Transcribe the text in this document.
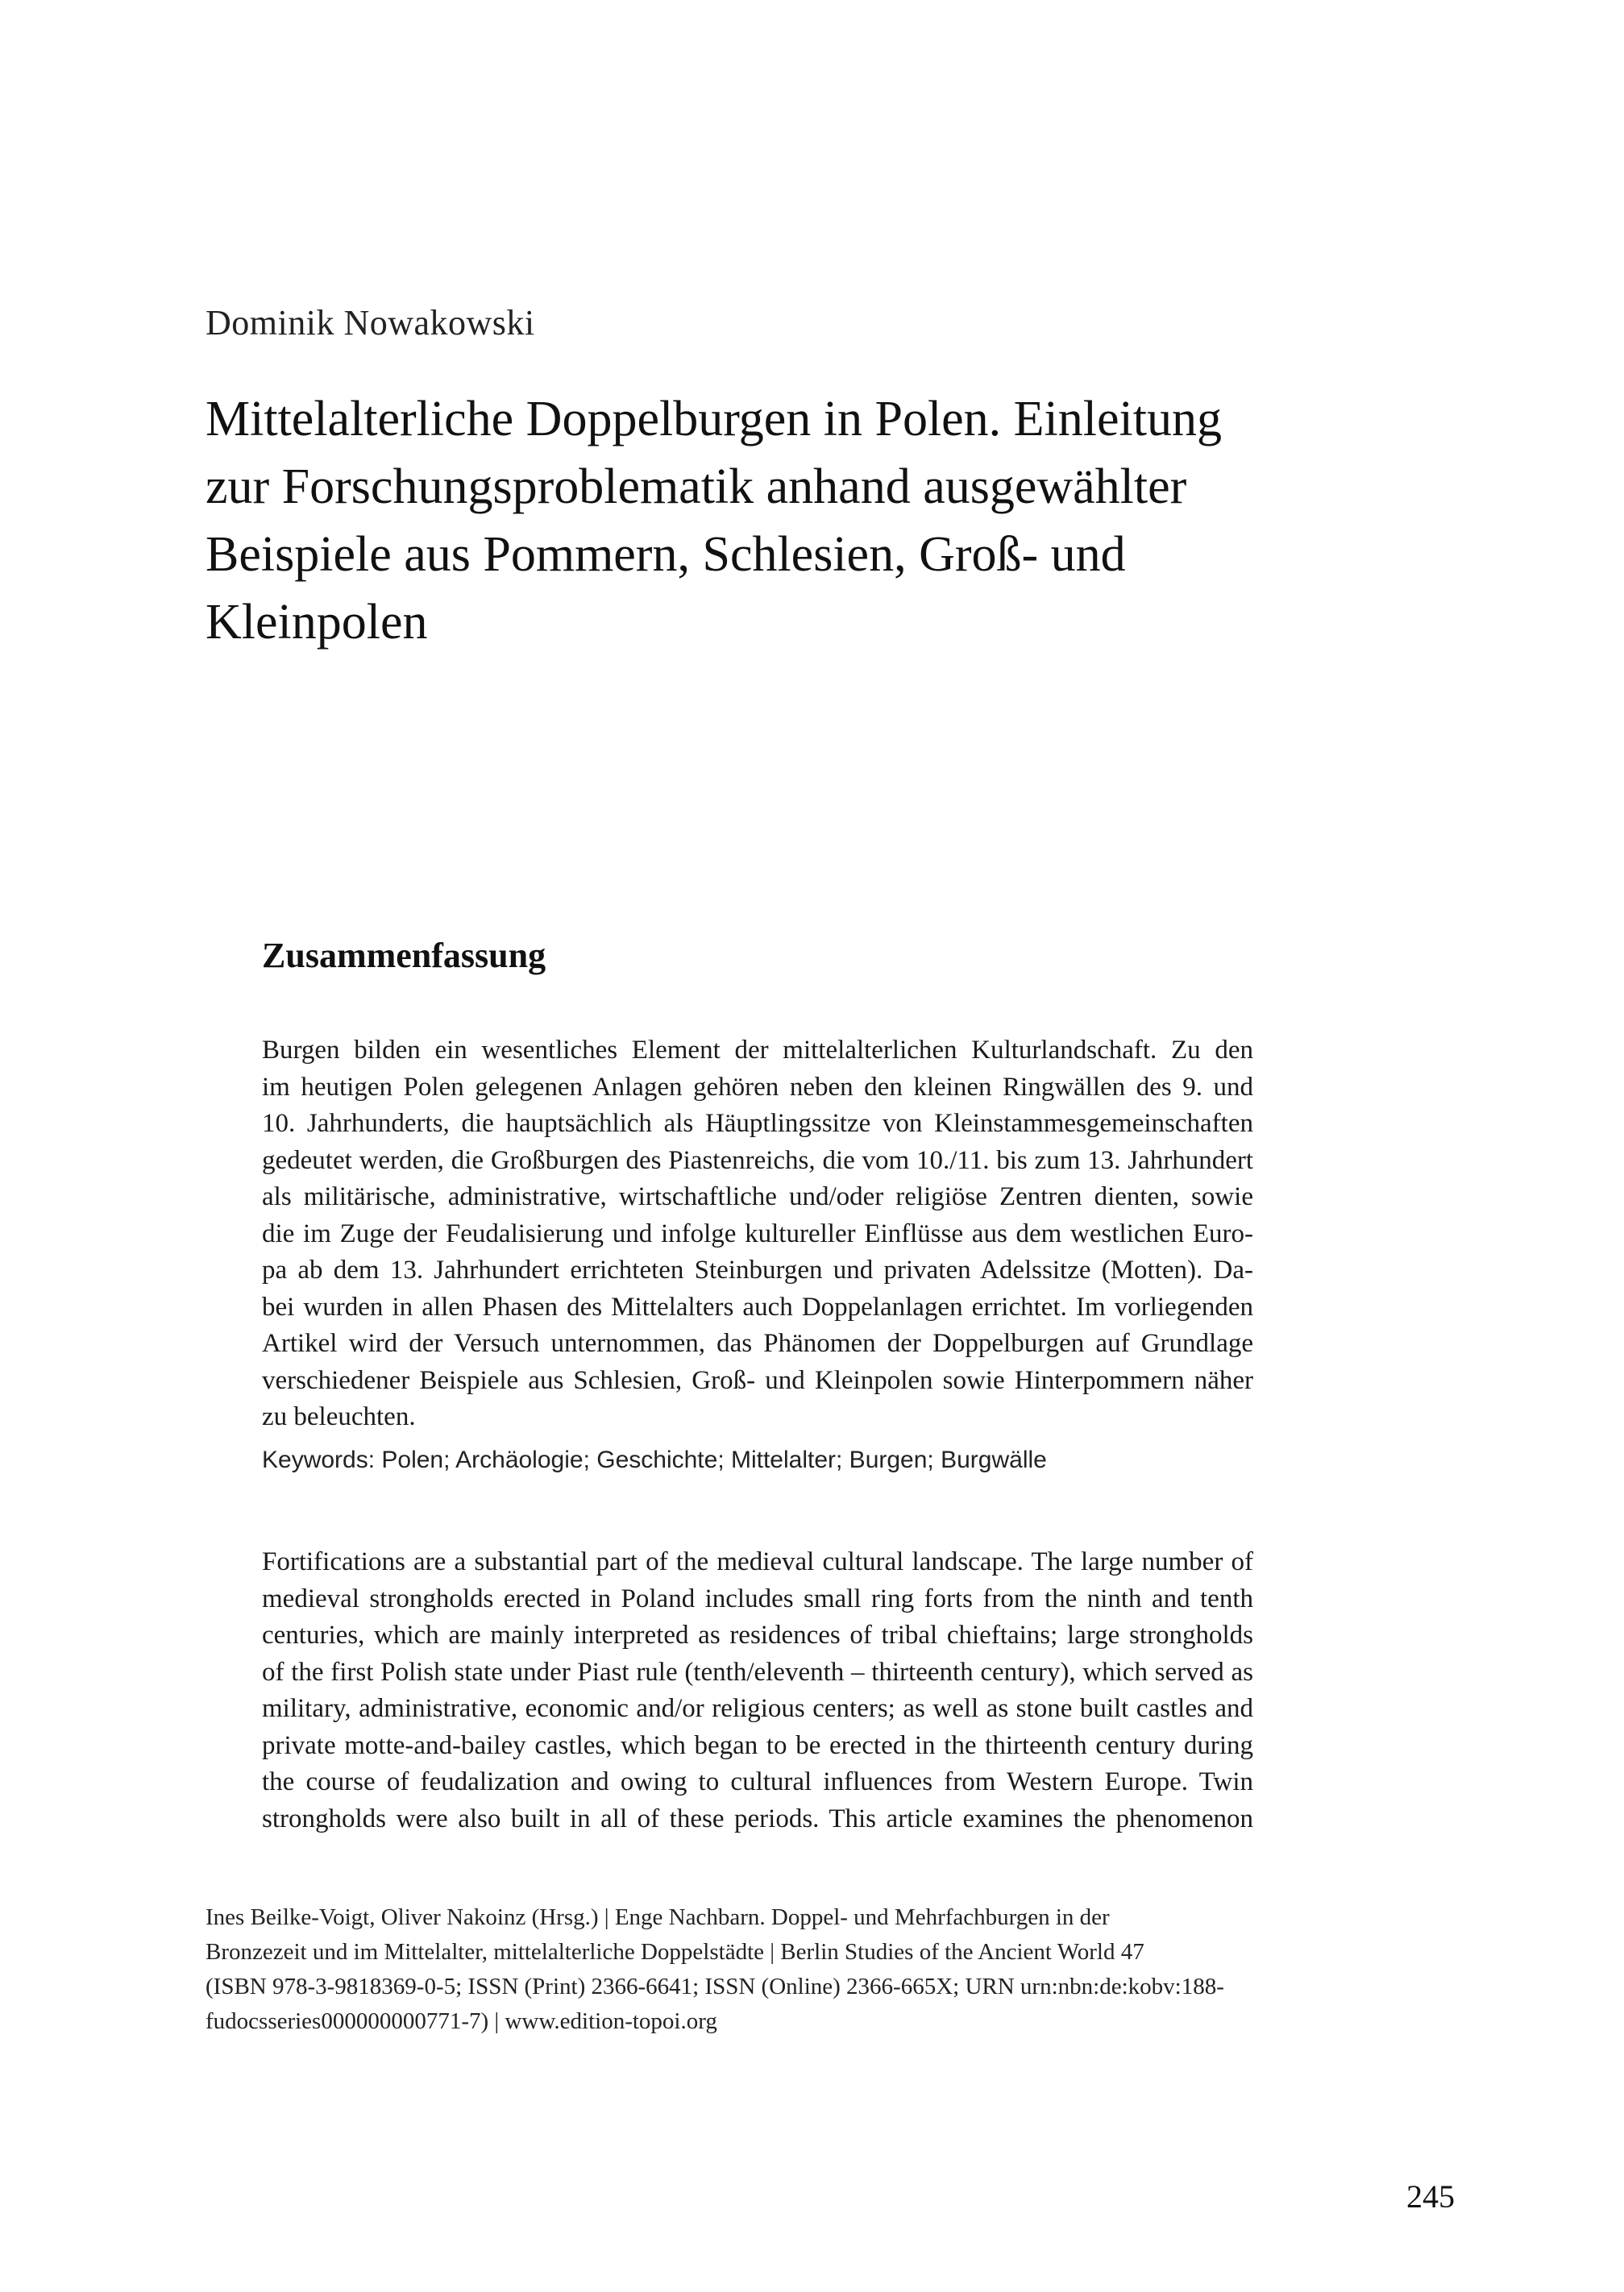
Dominik Nowakowski
Mittelalterliche Doppelburgen in Polen. Einleitung
zur Forschungsproblematik anhand ausgewählter
Beispiele aus Pommern, Schlesien, Groß- und
Kleinpolen
Zusammenfassung

Burgen bilden ein wesentliches Element der mittelalterlichen Kulturlandschaft. Zu den
im heutigen Polen gelegenen Anlagen gehören neben den kleinen Ringwällen des 9. und
10. Jahrhunderts, die hauptsächlich als Häuptlingssitze von Kleinstammesgemeinschaften
gedeutet werden, die Großburgen des Piastenreichs, die vom 10./11. bis zum 13. Jahrhundert
als militärische, administrative, wirtschaftliche und/oder religiöse Zentren dienten, sowie
die im Zuge der Feudalisierung und infolge kultureller Einflüsse aus dem westlichen Euro-
pa ab dem 13. Jahrhundert errichteten Steinburgen und privaten Adelssitze (Motten). Da-
bei wurden in allen Phasen des Mittelalters auch Doppelanlagen errichtet. Im vorliegenden
Artikel wird der Versuch unternommen, das Phänomen der Doppelburgen auf Grundlage
verschiedener Beispiele aus Schlesien, Groß- und Kleinpolen sowie Hinterpommern näher
zu beleuchten.

Keywords: Polen; Archäologie; Geschichte; Mittelalter; Burgen; Burgwälle

Fortifications are a substantial part of the medieval cultural landscape. The large number of
medieval strongholds erected in Poland includes small ring forts from the ninth and tenth
centuries, which are mainly interpreted as residences of tribal chieftains; large strongholds
of the first Polish state under Piast rule (tenth/eleventh – thirteenth century), which served as
military, administrative, economic and/or religious centers; as well as stone built castles and
private motte-and-bailey castles, which began to be erected in the thirteenth century during
the course of feudalization and owing to cultural influences from Western Europe. Twin
strongholds were also built in all of these periods. This article examines the phenomenon

Ines Beilke-Voigt, Oliver Nakoinz (Hrsg.) | Enge Nachbarn. Doppel- und Mehrfachburgen in der
Bronzezeit und im Mittelalter, mittelalterliche Doppelstädte | Berlin Studies of the Ancient World 47
(ISBN 978-3-9818369-0-5; ISSN (Print) 2366-6641; ISSN (Online) 2366-665X; URN urn:nbn:de:kobv:188-
fudocsseries000000000771-7) | www.edition-topoi.org

245
